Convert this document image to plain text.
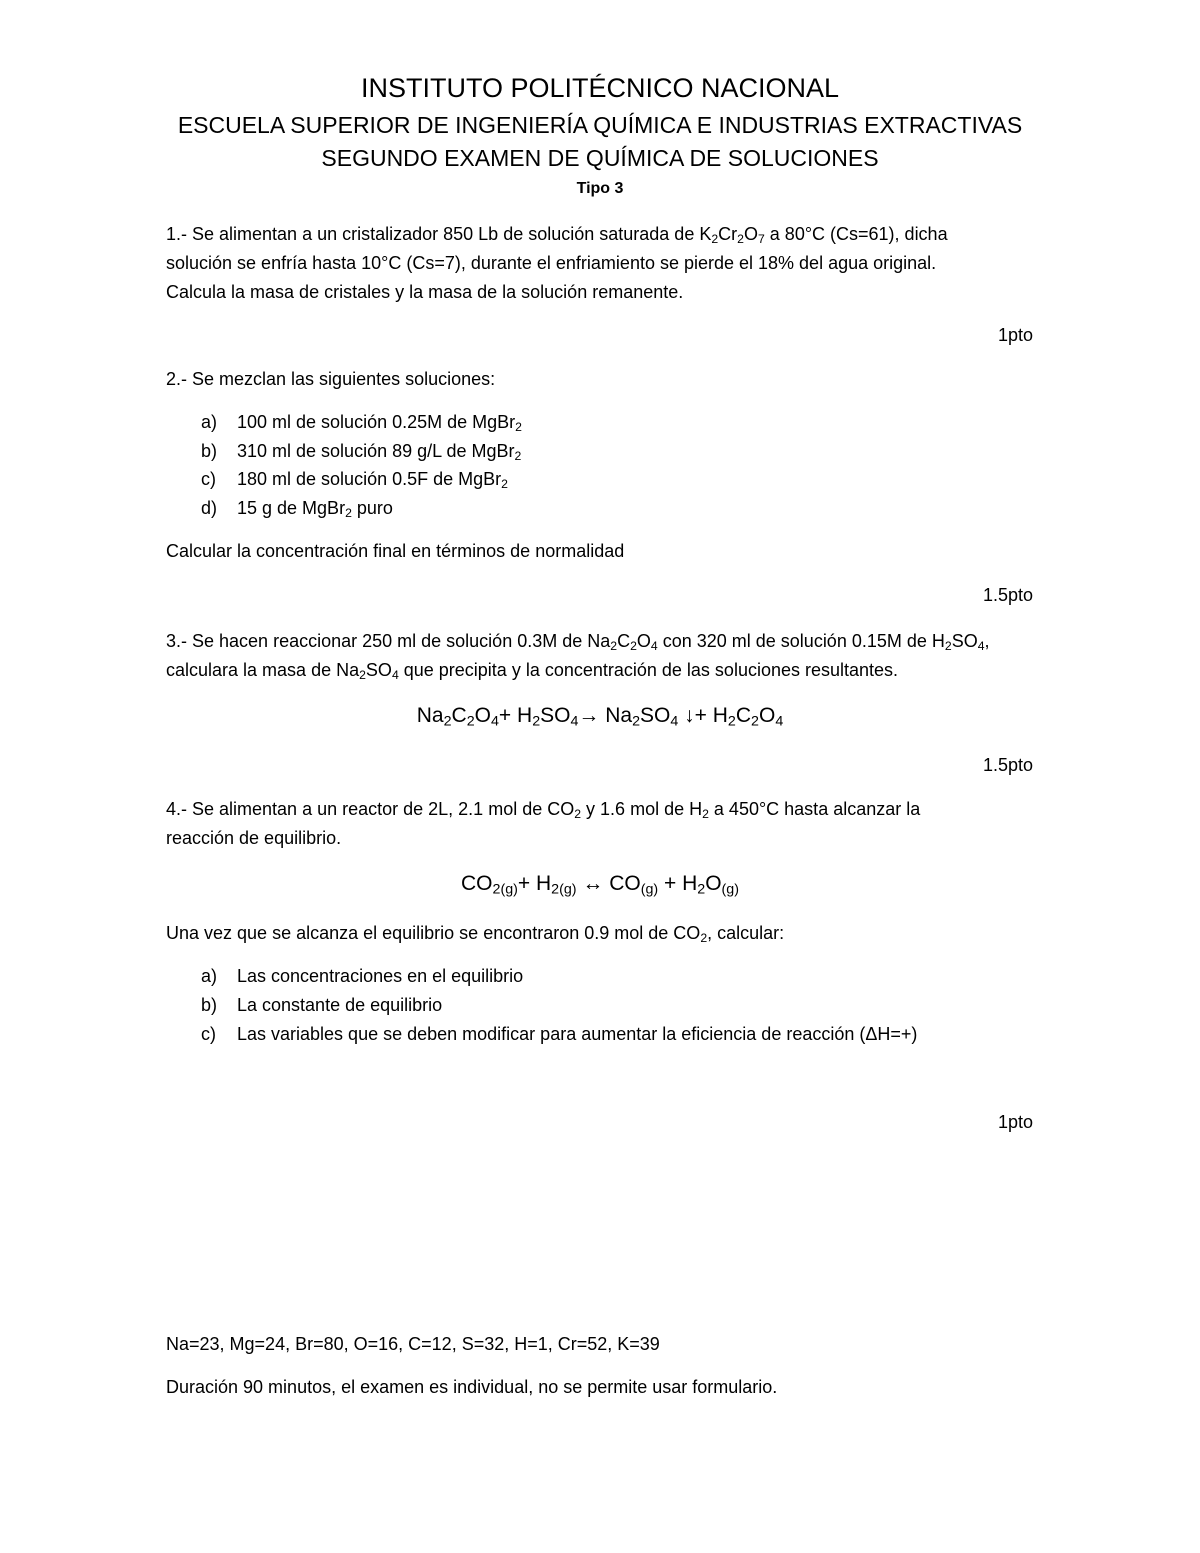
INSTITUTO POLITÉCNICO NACIONAL
ESCUELA SUPERIOR DE INGENIERÍA QUÍMICA E INDUSTRIAS EXTRACTIVAS
SEGUNDO EXAMEN DE QUÍMICA DE SOLUCIONES
Tipo 3
1.- Se alimentan a un cristalizador 850 Lb de solución saturada de $K_2Cr_2O_7$ a 80°C (Cs=61), dicha
solución se enfría hasta 10°C (Cs=7), durante el enfriamiento se pierde el 18% del agua original.
Calcula la masa de cristales y la masa de la solución remanente.
1pto
2.- Se mezclan las siguientes soluciones:
a) 100 ml de solución 0.25M de MgBr$_2$
b) 310 ml de solución 89 g/L de MgBr$_2$
c) 180 ml de solución 0.5F de MgBr$_2$
d) 15 g de MgBr$_2$ puro
Calcular la concentración final en términos de normalidad
1.5pto
3.- Se hacen reaccionar 250 ml de solución 0.3M de $Na_2C_2O_4$ con 320 ml de solución 0.15M de $H_2SO_4$,
calculara la masa de $Na_2SO_4$ que precipita y la concentración de las soluciones resultantes.
$Na_2C_2O_4+ H_2SO_4\to Na_2SO_4$ ↓+ $H_2C_2O_4$
1.5pto
4.- Se alimentan a un reactor de 2L, 2.1 mol de $CO_2$ y 1.6 mol de $H_2$ a 450°C hasta alcanzar la
reacción de equilibrio.
$CO_{2(g)}+ H_{2(g)}$ ↔ $CO_{(g)} + H_2O_{(g)}$
Una vez que se alcanza el equilibrio se encontraron 0.9 mol de $CO_2$, calcular:
a) Las concentraciones en el equilibrio
b) La constante de equilibrio
c) Las variables que se deben modificar para aumentar la eficiencia de reacción (ΔH=+)
1pto
Na=23, Mg=24, Br=80, O=16, C=12, S=32, H=1, Cr=52, K=39
Duración 90 minutos, el examen es individual, no se permite usar formulario.
